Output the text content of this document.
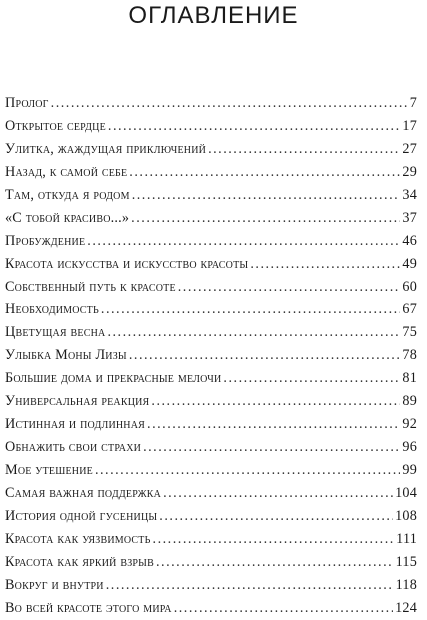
ОГЛАВЛЕНИЕ
Пролог .....	7
Открытое сердце .....	17
Улитка, жаждущая приключений .....	27
Назад, к самой себе .....	29
Там, откуда я родом .....	34
«С тобой красиво...» .....	37
Пробуждение .....	46
Красота искусства и искусство красоты .....	49
Собственный путь к красоте .....	60
Необходимость .....	67
Цветущая весна .....	75
Улыбка Моны Лизы .....	78
Большие дома и прекрасные мелочи .....	81
Универсальная реакция .....	89
Истинная и подлинная .....	92
Обнажить свои страхи .....	96
Мое утешение .....	99
Самая важная поддержка .....	104
История одной гусеницы .....	108
Красота как уязвимость .....	111
Красота как яркий взрыв .....	115
Вокруг и внутри .....	118
Во всей красоте этого мира .....	124
